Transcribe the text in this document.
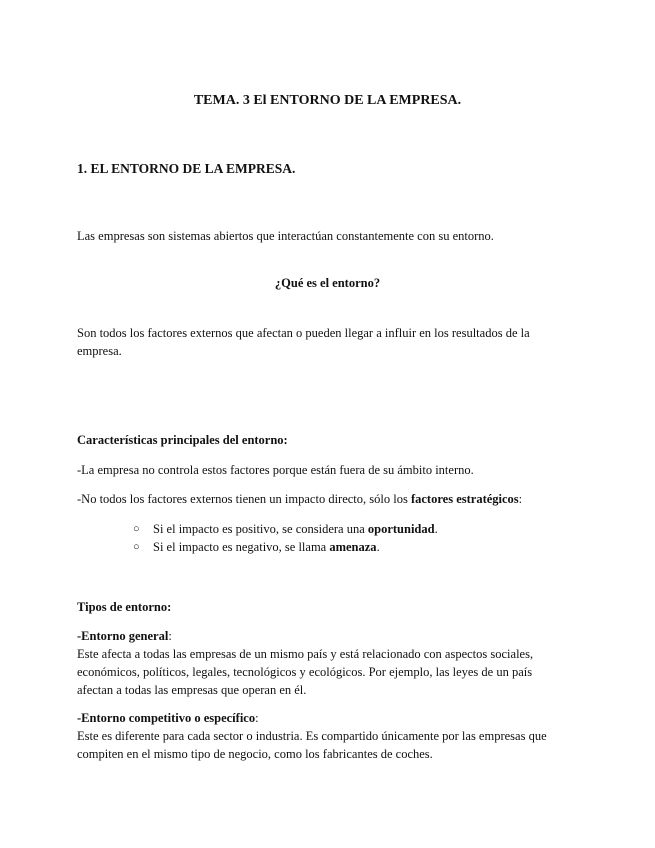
TEMA. 3 El ENTORNO DE LA EMPRESA.

1. EL ENTORNO DE LA EMPRESA.

Las empresas son sistemas abiertos que interactúan constantemente con su entorno.

¿Qué es el entorno?

Son todos los factores externos que afectan o pueden llegar a influir en los resultados de la empresa.

Características principales del entorno:

-La empresa no controla estos factores porque están fuera de su ámbito interno.

-No todos los factores externos tienen un impacto directo, sólo los factores estratégicos:

○ Si el impacto es positivo, se considera una oportunidad.
○ Si el impacto es negativo, se llama amenaza.

Tipos de entorno:

-Entorno general:

Este afecta a todas las empresas de un mismo país y está relacionado con aspectos sociales, económicos, políticos, legales, tecnológicos y ecológicos. Por ejemplo, las leyes de un país afectan a todas las empresas que operan en él.

-Entorno competitivo o específico:

Este es diferente para cada sector o industria. Es compartido únicamente por las empresas que compiten en el mismo tipo de negocio, como los fabricantes de coches.
